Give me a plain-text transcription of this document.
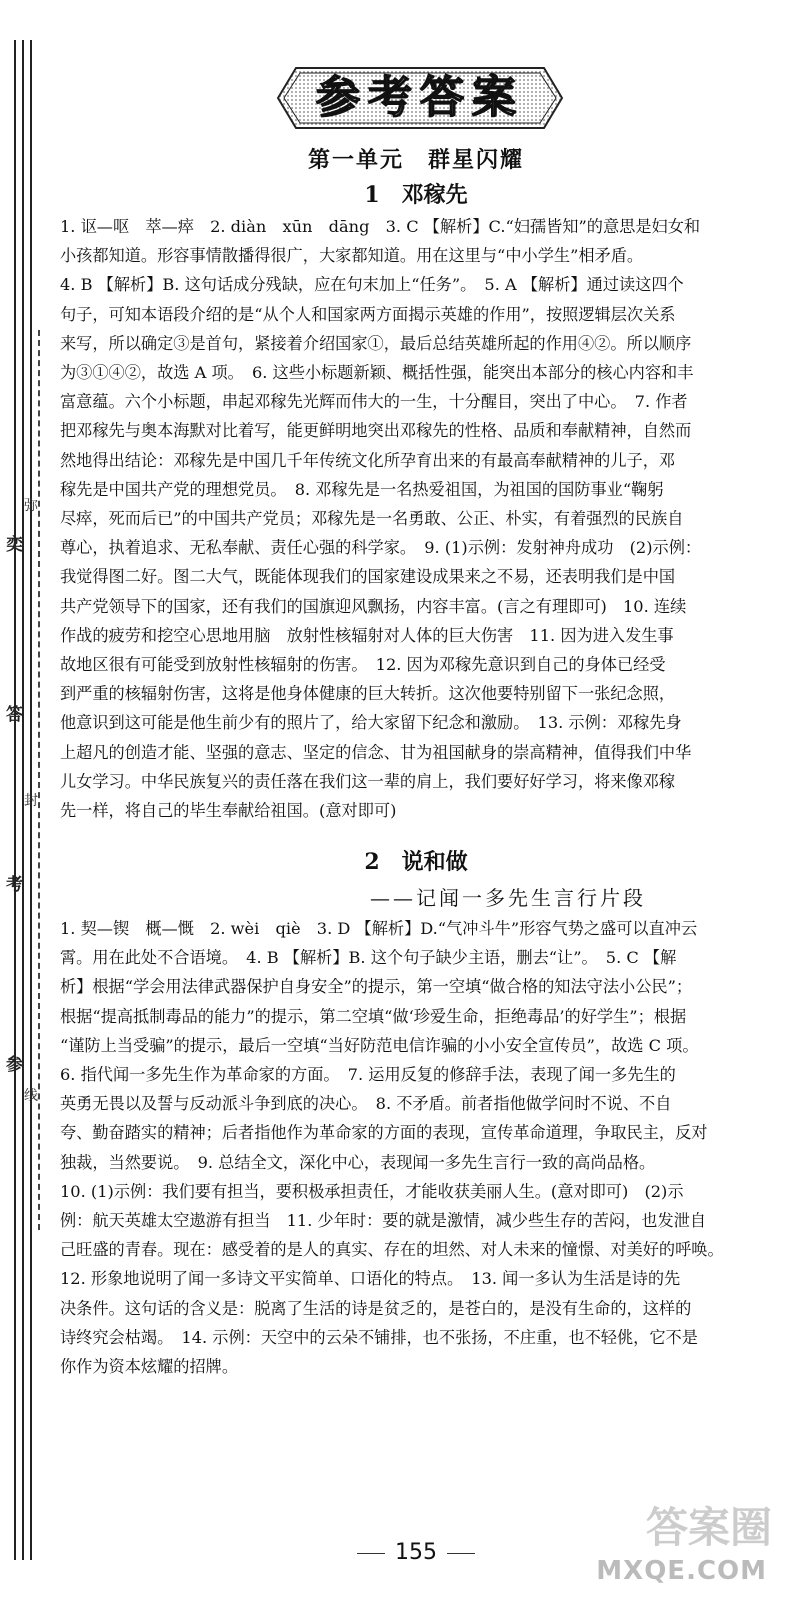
奕
弥
答
封
考
线
参
参考答案
第一单元　群星闪耀
1　邓稼先
1. 讴—呕　萃—瘁　2. diàn　xūn　dāng　3. C 【解析】C.“妇孺皆知”的意思是妇女和
小孩都知道。形容事情散播得很广，大家都知道。用在这里与“中小学生”相矛盾。
4. B 【解析】B. 这句话成分残缺，应在句末加上“任务”。　5. A 【解析】通过读这四个
句子，可知本语段介绍的是“从个人和国家两方面揭示英雄的作用”，按照逻辑层次关系
来写，所以确定③是首句，紧接着介绍国家①，最后总结英雄所起的作用④②。所以顺序
为③①④②，故选 A 项。　6. 这些小标题新颖、概括性强，能突出本部分的核心内容和丰
富意蕴。六个小标题，串起邓稼先光辉而伟大的一生，十分醒目，突出了中心。　7. 作者
把邓稼先与奥本海默对比着写，能更鲜明地突出邓稼先的性格、品质和奉献精神，自然而
然地得出结论：邓稼先是中国几千年传统文化所孕育出来的有最高奉献精神的儿子，邓
稼先是中国共产党的理想党员。　8. 邓稼先是一名热爱祖国，为祖国的国防事业“鞠躬
尽瘁，死而后已”的中国共产党员；邓稼先是一名勇敢、公正、朴实，有着强烈的民族自
尊心，执着追求、无私奉献、责任心强的科学家。　9. (1)示例：发射神舟成功　(2)示例：
我觉得图二好。图二大气，既能体现我们的国家建设成果来之不易，还表明我们是中国
共产党领导下的国家，还有我们的国旗迎风飘扬，内容丰富。(言之有理即可)　10. 连续
作战的疲劳和挖空心思地用脑　放射性核辐射对人体的巨大伤害　11. 因为进入发生事
故地区很有可能受到放射性核辐射的伤害。　12. 因为邓稼先意识到自己的身体已经受
到严重的核辐射伤害，这将是他身体健康的巨大转折。这次他要特别留下一张纪念照，
他意识到这可能是他生前少有的照片了，给大家留下纪念和激励。　13. 示例：邓稼先身
上超凡的创造才能、坚强的意志、坚定的信念、甘为祖国献身的崇高精神，值得我们中华
儿女学习。中华民族复兴的责任落在我们这一辈的肩上，我们要好好学习，将来像邓稼
先一样，将自己的毕生奉献给祖国。(意对即可)
2　说和做
——记闻一多先生言行片段
1. 契—锲　概—慨　2. wèi　qiè　3. D 【解析】D.“气冲斗牛”形容气势之盛可以直冲云
霄。用在此处不合语境。　4. B 【解析】B. 这个句子缺少主语，删去“让”。　5. C 【解
析】根据“学会用法律武器保护自身安全”的提示，第一空填“做合格的知法守法小公民”；
根据“提高抵制毒品的能力”的提示，第二空填“做‘珍爱生命，拒绝毒品’的好学生”；根据
“谨防上当受骗”的提示，最后一空填“当好防范电信诈骗的小小安全宣传员”，故选 C 项。
6. 指代闻一多先生作为革命家的方面。　7. 运用反复的修辞手法，表现了闻一多先生的
英勇无畏以及誓与反动派斗争到底的决心。　8. 不矛盾。前者指他做学问时不说、不自
夸、勤奋踏实的精神；后者指他作为革命家的方面的表现，宣传革命道理，争取民主，反对
独裁，当然要说。　9. 总结全文，深化中心，表现闻一多先生言行一致的高尚品格。
10. (1)示例：我们要有担当，要积极承担责任，才能收获美丽人生。(意对即可)　(2)示
例：航天英雄太空遨游有担当　11. 少年时：要的就是激情，减少些生存的苦闷，也发泄自
己旺盛的青春。现在：感受着的是人的真实、存在的坦然、对人未来的憧憬、对美好的呼唤。
12. 形象地说明了闻一多诗文平实简单、口语化的特点。　13. 闻一多认为生活是诗的先
决条件。这句话的含义是：脱离了生活的诗是贫乏的，是苍白的，是没有生命的，这样的
诗终究会枯竭。　14. 示例：天空中的云朵不铺排，也不张扬，不庄重，也不轻佻，它不是
你作为资本炫耀的招牌。
155
答案圈
MXQE.COM
